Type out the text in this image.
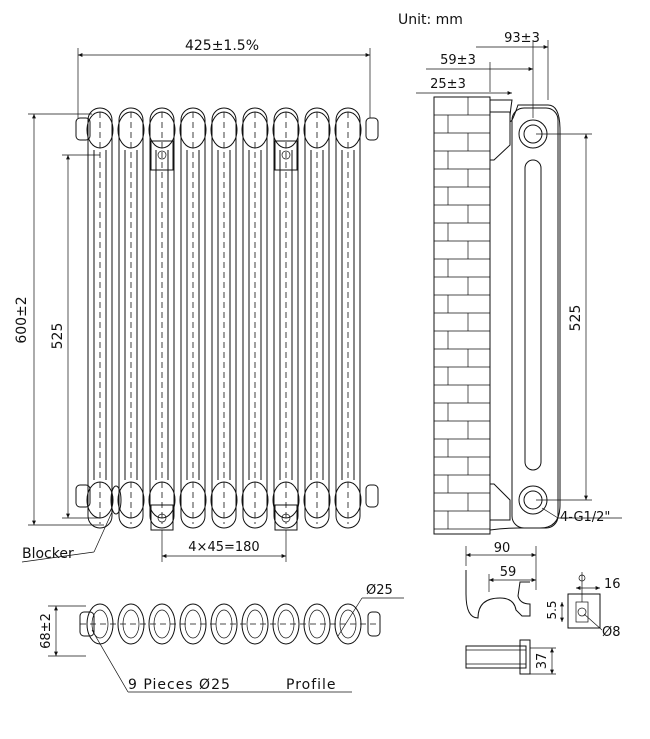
Unit: mm
Blocker
425±1.5%
600±2 525
4×45=180
93±3
59±3
25±3
525
4-G1/2"
Ø25
68±2
9 Pieces Ø25	Profile
90
59
37
16
5.5
Ø8
